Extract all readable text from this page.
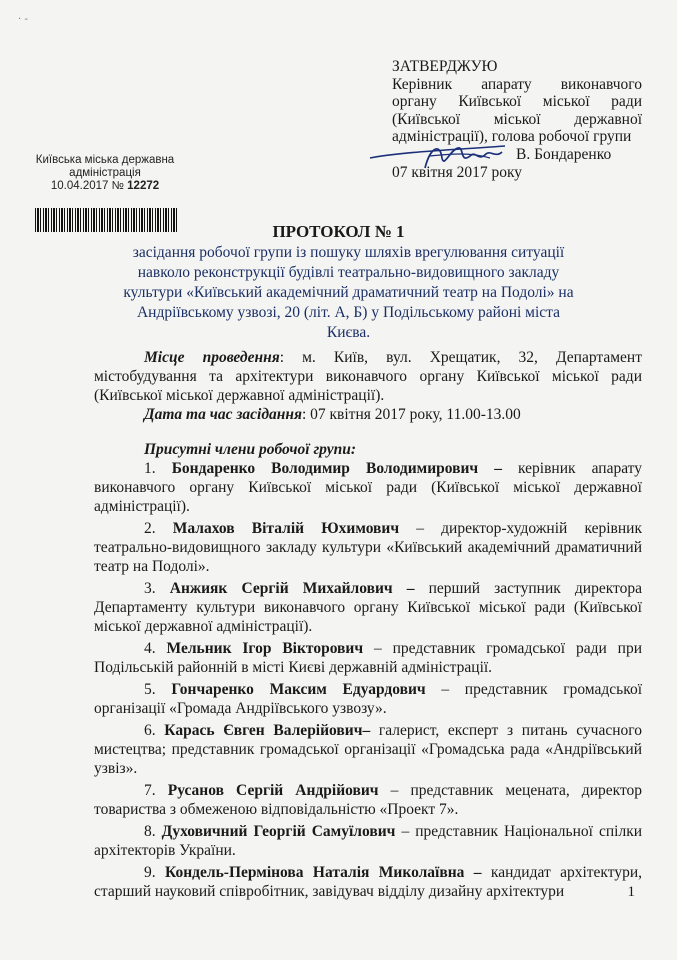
· -
ЗАТВЕРДЖУЮ
Керівник апарату виконавчого
органу Київської міської ради
(Київської міської державної
адміністрації), голова робочої групи
В. Бондаренко
07 квітня 2017 року
Київська міська державна
адміністрація
10.04.2017 № 12272
ПРОТОКОЛ № 1
засідання робочої групи із пошуку шляхів врегулювання ситуації навколо реконструкції будівлі театрально-видовищного закладу культури «Київський академічний драматичний театр на Подолі» на Андріївському узвозі, 20 (літ. А, Б) у Подільському районі міста Києва.

Місце проведення: м. Київ, вул. Хрещатик, 32, Департамент містобудування та архітектури виконавчого органу Київської міської ради (Київської міської державної адміністрації).

Дата та час засідання: 07 квітня 2017 року, 11.00-13.00

Присутні члени робочої групи:

1. Бондаренко Володимир Володимирович – керівник апарату виконавчого органу Київської міської ради (Київської міської державної адміністрації).

2. Малахов Віталій Юхимович – директор-художній керівник театрально-видовищного закладу культури «Київський академічний драматичний театр на Подолі».

3. Анжияк Сергій Михайлович – перший заступник директора Департаменту культури виконавчого органу Київської міської ради (Київської міської державної адміністрації).

4. Мельник Ігор Вікторович – представник громадської ради при Подільській районній в місті Києві державній адміністрації.

5. Гончаренко Максим Едуардович – представник громадської організації «Громада Андріївського узвозу».

6. Карась Євген Валерійович– галерист, експерт з питань сучасного мистецтва; представник громадської організації «Громадська рада «Андріївський узвіз».

7. Русанов Сергій Андрійович – представник мецената, директор товариства з обмеженою відповідальністю «Проект 7».

8. Духовичний Георгій Самуїлович – представник Національної спілки архітекторів України.

9. Кондель-Пермінова Наталія Миколаївна – кандидат архітектури, старший науковий співробітник, завідувач відділу дизайну архітектури	1
